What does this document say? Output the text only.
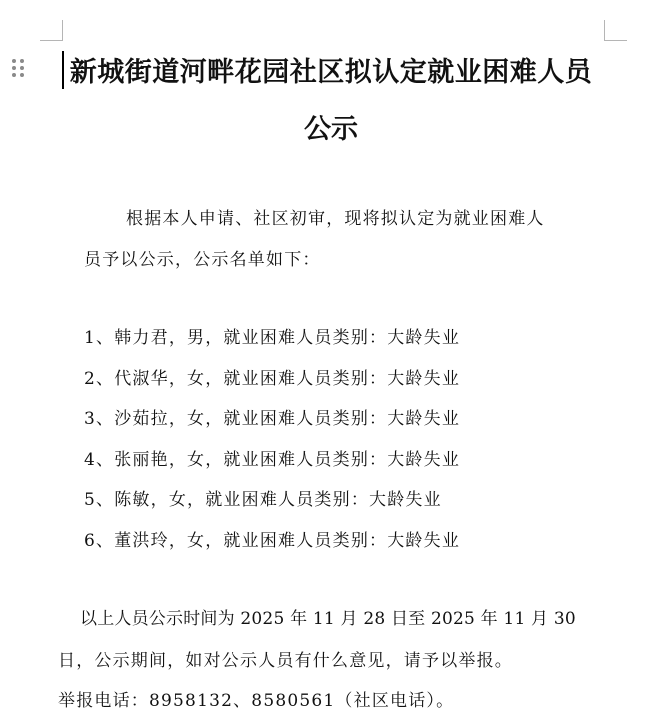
新城街道河畔花园社区拟认定就业困难人员
公示
根据本人申请、社区初审，现将拟认定为就业困难人
员予以公示，公示名单如下：
1、韩力君，男，就业困难人员类别：大龄失业
2、代淑华，女，就业困难人员类别：大龄失业
3、沙茹拉，女，就业困难人员类别：大龄失业
4、张丽艳，女，就业困难人员类别：大龄失业
5、陈敏，女，就业困难人员类别：大龄失业
6、董洪玲，女，就业困难人员类别：大龄失业
以上人员公示时间为 2025 年 11 月 28 日至 2025 年 11 月 30
日，公示期间，如对公示人员有什么意见，请予以举报。
举报电话：8958132、8580561（社区电话）。
